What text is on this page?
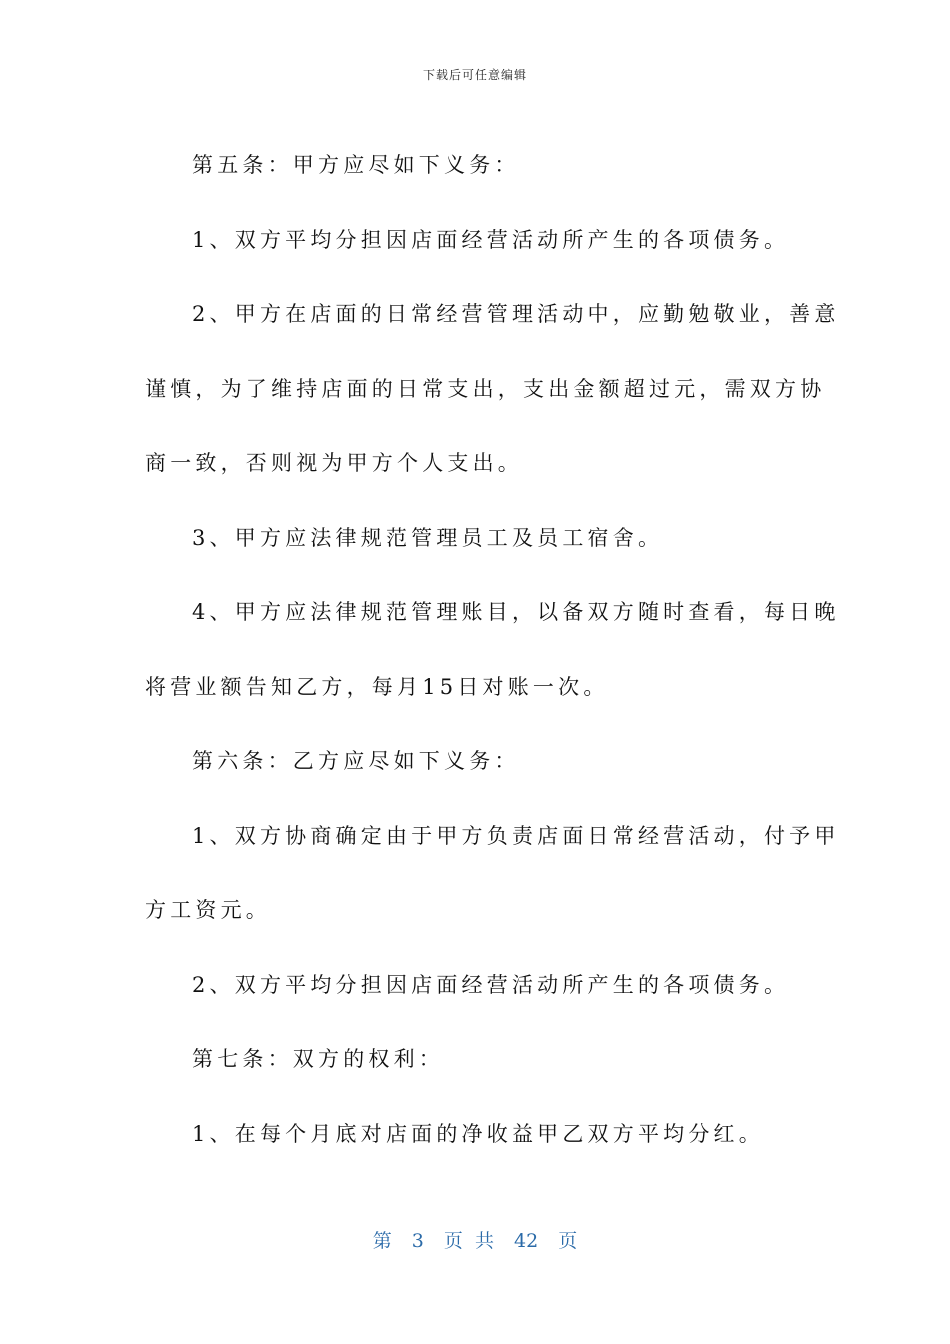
下载后可任意编辑
第五条：甲方应尽如下义务：
1、双方平均分担因店面经营活动所产生的各项债务。
2、甲方在店面的日常经营管理活动中，应勤勉敬业，善意
谨慎，为了维持店面的日常支出，支出金额超过元，需双方协
商一致，否则视为甲方个人支出。
3、甲方应法律规范管理员工及员工宿舍。
4、甲方应法律规范管理账目，以备双方随时查看，每日晚
将营业额告知乙方，每月15日对账一次。
第六条：乙方应尽如下义务：
1、双方协商确定由于甲方负责店面日常经营活动，付予甲
方工资元。
2、双方平均分担因店面经营活动所产生的各项债务。
第七条：双方的权利：
1、在每个月底对店面的净收益甲乙双方平均分红。
第 3 页 共 42 页
